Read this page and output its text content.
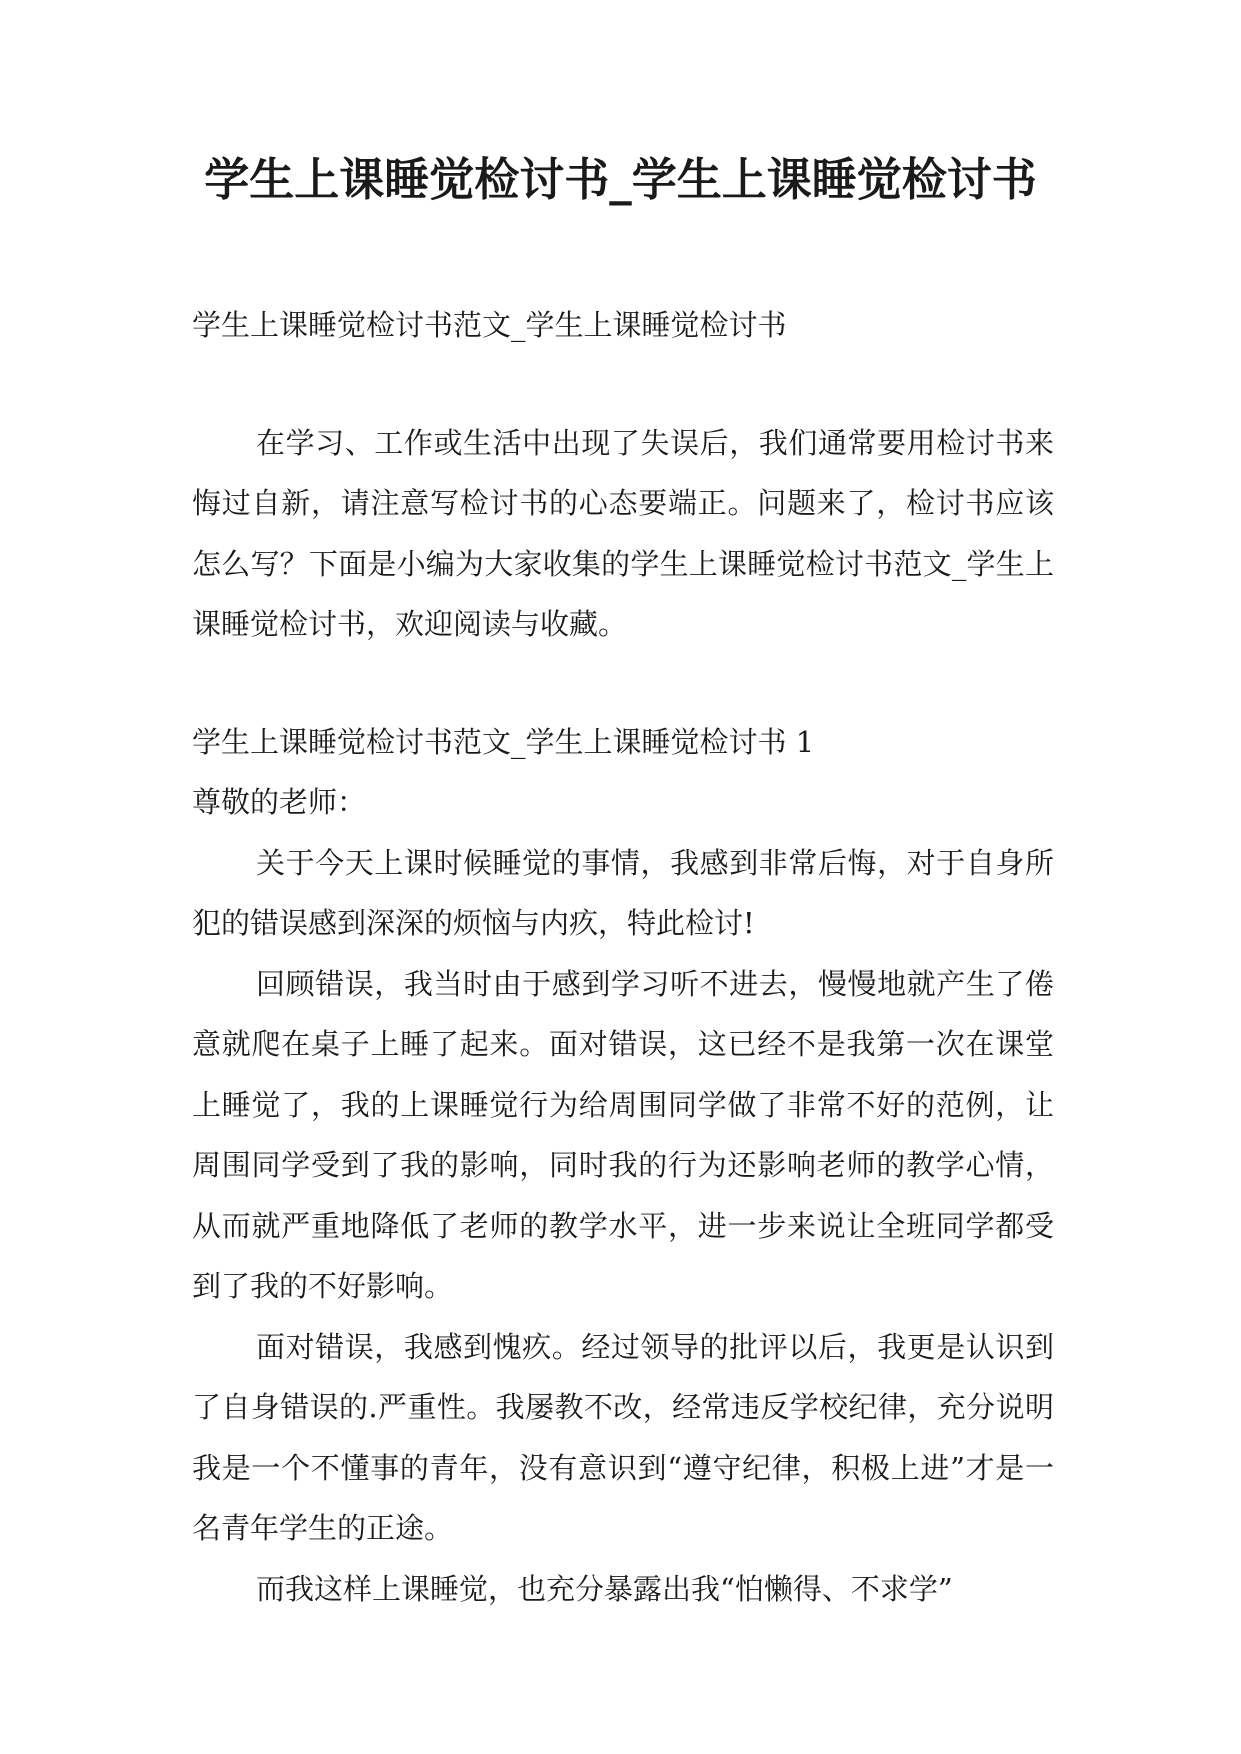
学生上课睡觉检讨书_学生上课睡觉检讨书

学生上课睡觉检讨书范文_学生上课睡觉检讨书

在学习、工作或生活中出现了失误后，我们通常要用检讨书来悔过自新，请注意写检讨书的心态要端正。问题来了，检讨书应该怎么写？下面是小编为大家收集的学生上课睡觉检讨书范文_学生上课睡觉检讨书，欢迎阅读与收藏。

学生上课睡觉检讨书范文_学生上课睡觉检讨书 1

尊敬的老师：

关于今天上课时候睡觉的事情，我感到非常后悔，对于自身所犯的错误感到深深的烦恼与内疚，特此检讨!

回顾错误，我当时由于感到学习听不进去，慢慢地就产生了倦意就爬在桌子上睡了起来。面对错误，这已经不是我第一次在课堂上睡觉了，我的上课睡觉行为给周围同学做了非常不好的范例，让周围同学受到了我的影响，同时我的行为还影响老师的教学心情，从而就严重地降低了老师的教学水平，进一步来说让全班同学都受到了我的不好影响。

面对错误，我感到愧疚。经过领导的批评以后，我更是认识到了自身错误的.严重性。我屡教不改，经常违反学校纪律，充分说明我是一个不懂事的青年，没有意识到“遵守纪律，积极上进”才是一名青年学生的正途。

而我这样上课睡觉，也充分暴露出我“怕懒得、不求学”
